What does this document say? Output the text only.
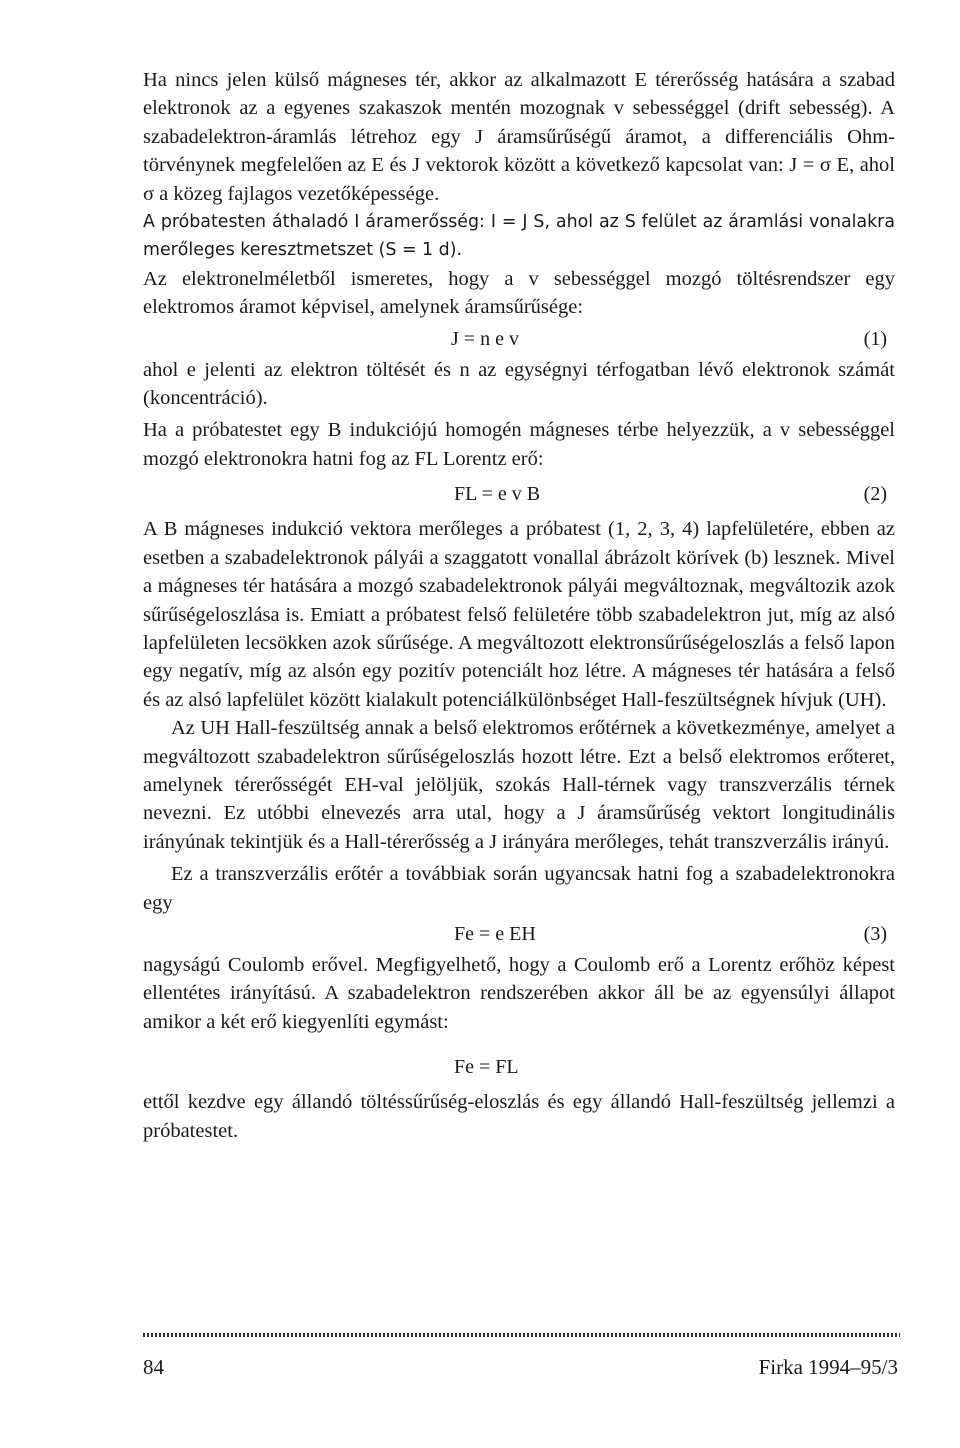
Ha nincs jelen külső mágneses tér, akkor az alkalmazott E térerősség hatására a szabad elektronok az a egyenes szakaszok mentén mozognak v sebességgel (drift sebesség). A szabadelektron-áramlás létrehoz egy J áramsűrűségű áramot, a differenciális Ohm-törvénynek megfelelően az E és J vektorok között a következő kapcsolat van: J = σ E, ahol σ a közeg fajlagos vezetőképessége.

A próbatesten áthaladó I áramerősség: I = J S, ahol az S felület az áramlási vonalakra merőleges keresztmetszet (S = 1 d).

Az elektronelméletből ismeretes, hogy a v sebességgel mozgó töltésrendszer egy elektromos áramot képvisel, amelynek áramsűrűsége:

J = n e v	(1)

ahol e jelenti az elektron töltését és n az egységnyi térfogatban lévő elektronok számát (koncentráció).

Ha a próbatestet egy B indukciójú homogén mágneses térbe helyezzük, a v sebességgel mozgó elektronokra hatni fog az FL Lorentz erő:

FL = e v B	(2)

A B mágneses indukció vektora merőleges a próbatest (1, 2, 3, 4) lapfelületére, ebben az esetben a szabadelektronok pályái a szaggatott vonallal ábrázolt körívek (b) lesznek. Mivel a mágneses tér hatására a mozgó szabadelektronok pályái megváltoznak, megváltozik azok sűrűségeloszlása is. Emiatt a próbatest felső felületére több szabadelektron jut, míg az alsó lapfelületen lecsökken azok sűrűsége. A megváltozott elektronsűrűségeloszlás a felső lapon egy negatív, míg az alsón egy pozitív potenciált hoz létre. A mágneses tér hatására a felső és az alsó lapfelület között kialakult potenciálkülönbséget Hall-feszültségnek hívjuk (UH).

Az UH Hall-feszültség annak a belső elektromos erőtérnek a következménye, amelyet a megváltozott szabadelektron sűrűségeloszlás hozott létre. Ezt a belső elektromos erőteret, amelynek térerősségét EH-val jelöljük, szokás Hall-térnek vagy transzverzális térnek nevezni. Ez utóbbi elnevezés arra utal, hogy a J áramsűrűség vektort longitudinális irányúnak tekintjük és a Hall-térerősség a J irányára merőleges, tehát transzverzális irányú.

Ez a transzverzális erőtér a továbbiak során ugyancsak hatni fog a szabadelektronokra egy

Fe = e EH	(3)

nagyságú Coulomb erővel. Megfigyelhető, hogy a Coulomb erő a Lorentz erőhöz képest ellentétes irányítású. A szabadelektron rendszerében akkor áll be az egyensúlyi állapot amikor a két erő kiegyenlíti egymást:

Fe = FL

ettől kezdve egy állandó töltéssűrűség-eloszlás és egy állandó Hall-feszültség jellemzi a próbatestet.

84	Firka 1994–95/3
